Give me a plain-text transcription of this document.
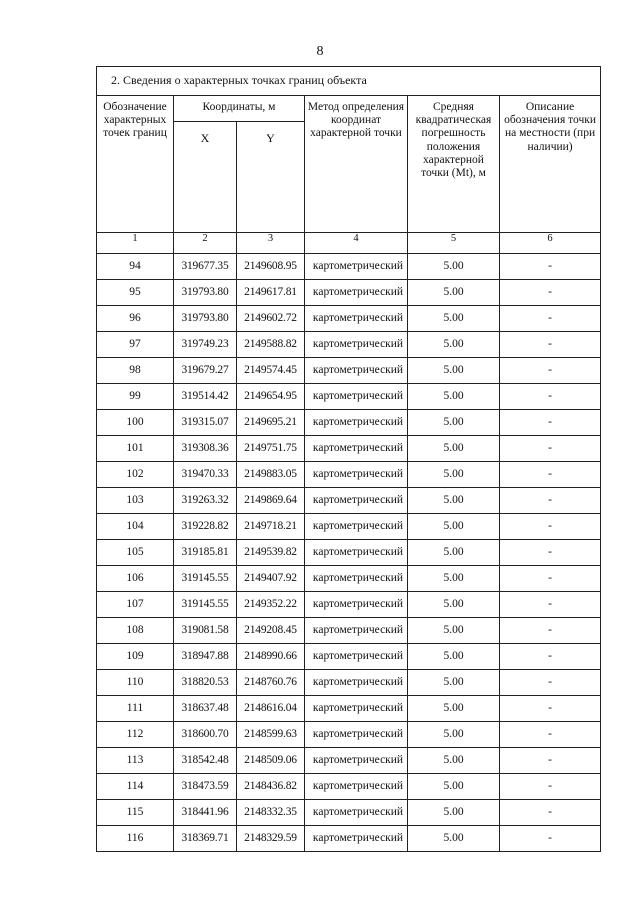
8
2. Сведения о характерных точках границ объекта					
Обозначение характерных точек границ	Координаты, м		Метод определения координат характерной точки	Средняя квадратическая погрешность положения характерной точки (Mt), м	Описание обозначения точки на местности (при наличии)
	X	Y			
1	2	3	4	5	6
94	319677.35	2149608.95	картометрический	5.00	-
95	319793.80	2149617.81	картометрический	5.00	-
96	319793.80	2149602.72	картометрический	5.00	-
97	319749.23	2149588.82	картометрический	5.00	-
98	319679.27	2149574.45	картометрический	5.00	-
99	319514.42	2149654.95	картометрический	5.00	-
100	319315.07	2149695.21	картометрический	5.00	-
101	319308.36	2149751.75	картометрический	5.00	-
102	319470.33	2149883.05	картометрический	5.00	-
103	319263.32	2149869.64	картометрический	5.00	-
104	319228.82	2149718.21	картометрический	5.00	-
105	319185.81	2149539.82	картометрический	5.00	-
106	319145.55	2149407.92	картометрический	5.00	-
107	319145.55	2149352.22	картометрический	5.00	-
108	319081.58	2149208.45	картометрический	5.00	-
109	318947.88	2148990.66	картометрический	5.00	-
110	318820.53	2148760.76	картометрический	5.00	-
111	318637.48	2148616.04	картометрический	5.00	-
112	318600.70	2148599.63	картометрический	5.00	-
113	318542.48	2148509.06	картометрический	5.00	-
114	318473.59	2148436.82	картометрический	5.00	-
115	318441.96	2148332.35	картометрический	5.00	-
116	318369.71	2148329.59	картометрический	5.00	-
